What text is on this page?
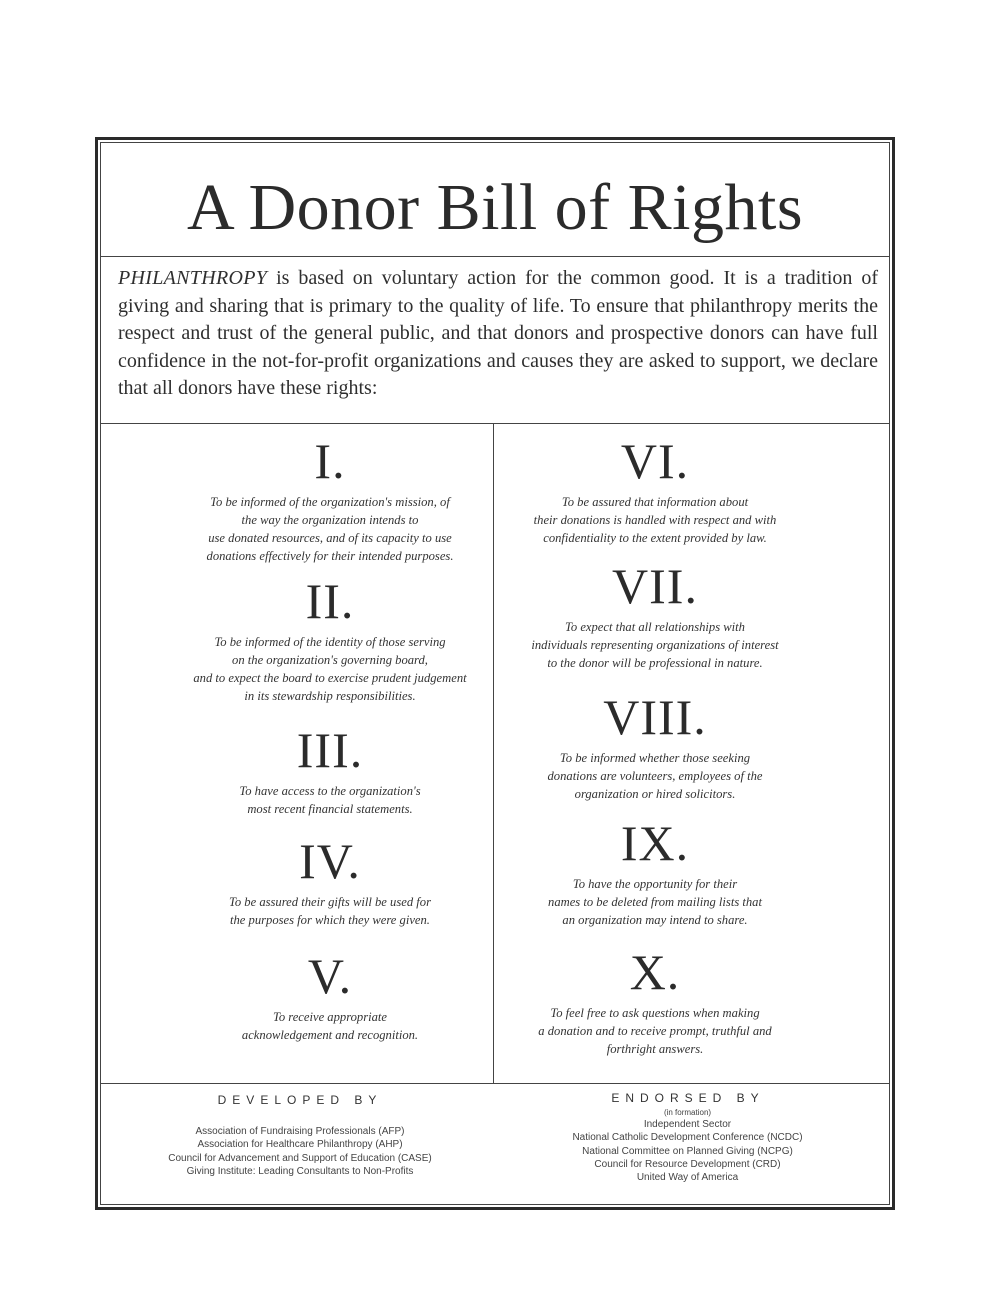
A Donor Bill of Rights
PHILANTHROPY is based on voluntary action for the common good. It is a tradition of giving and sharing that is primary to the quality of life. To ensure that philanthropy merits the respect and trust of the general public, and that donors and prospective donors can have full confidence in the not-for-profit organizations and causes they are asked to support, we declare that all donors have these rights:
I.
To be informed of the organization's mission, of
the way the organization intends to
use donated resources, and of its capacity to use
donations effectively for their intended purposes.
II.
To be informed of the identity of those serving
on the organization's governing board,
and to expect the board to exercise prudent judgement
in its stewardship responsibilities.
III.
To have access to the organization's
most recent financial statements.
IV.
To be assured their gifts will be used for
the purposes for which they were given.
V.
To receive appropriate
acknowledgement and recognition.
VI.
To be assured that information about
their donations is handled with respect and with
confidentiality to the extent provided by law.
VII.
To expect that all relationships with
individuals representing organizations of interest
to the donor will be professional in nature.
VIII.
To be informed whether those seeking
donations are volunteers, employees of the
organization or hired solicitors.
IX.
To have the opportunity for their
names to be deleted from mailing lists that
an organization may intend to share.
X.
To feel free to ask questions when making
a donation and to receive prompt, truthful and
forthright answers.
DEVELOPED BY
Association of Fundraising Professionals (AFP)
Association for Healthcare Philanthropy (AHP)
Council for Advancement and Support of Education (CASE)
Giving Institute: Leading Consultants to Non-Profits
ENDORSED BY
(in formation)
Independent Sector
National Catholic Development Conference (NCDC)
National Committee on Planned Giving (NCPG)
Council for Resource Development (CRD)
United Way of America
